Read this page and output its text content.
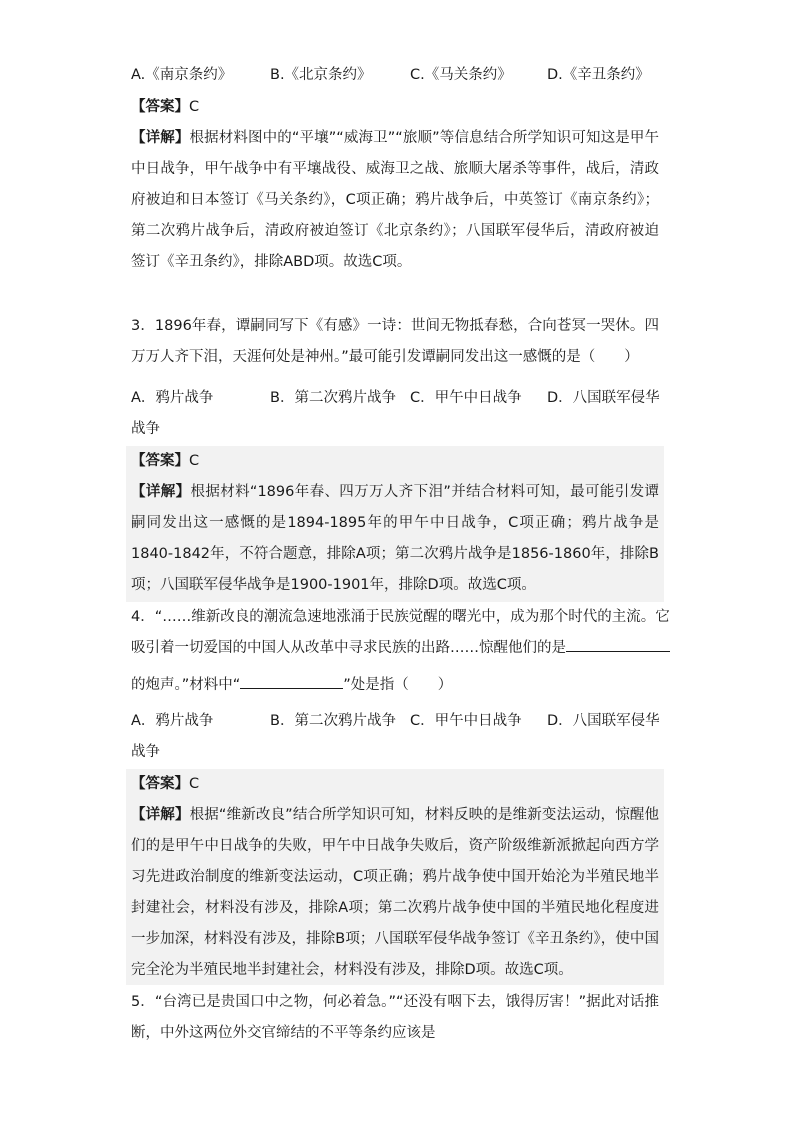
A.《南京条约》	B.《北京条约》	C.《马关条约》 D.《辛丑条约》
【答案】C

【详解】根据材料图中的“平壤”“威海卫”“旅顺”等信息结合所学知识可知这是甲午中日战争，甲午战争中有平壤战役、威海卫之战、旅顺大屠杀等事件，战后，清政府被迫和日本签订《马关条约》，C项正确；鸦片战争后，中英签订《南京条约》；第二次鸦片战争后，清政府被迫签订《北京条约》；八国联军侵华后，清政府被迫签订《辛丑条约》，排除ABD项。故选C项。

3．1896年春，谭嗣同写下《有感》一诗：世间无物抵春愁，合向苍冥一哭休。四万万人齐下泪，天涯何处是神州。”最可能引发谭嗣同发出这一感慨的是（　　）

A．鸦片战争	B．第二次鸦片战争 C．甲午中日战争 D．八国联军侵华
战争
【答案】C

【详解】根据材料“1896年春、四万万人齐下泪”并结合材料可知，最可能引发谭嗣同发出这一感慨的是1894-1895年的甲午中日战争，C项正确；鸦片战争是1840-1842年，不符合题意，排除A项；第二次鸦片战争是1856-1860年，排除B项；八国联军侵华战争是1900-1901年，排除D项。故选C项。

4．“……维新改良的潮流急速地涨涌于民族觉醒的曙光中，成为那个时代的主流。它
吸引着一切爱国的中国人从改革中寻求民族的出路……惊醒他们的是
的炮声。”材料中“	”处是指（　　）
A．鸦片战争	B．第二次鸦片战争 C．甲午中日战争 D．八国联军侵华
战争
【答案】C

【详解】根据“维新改良”结合所学知识可知，材料反映的是维新变法运动，惊醒他们的是甲午中日战争的失败，甲午中日战争失败后，资产阶级维新派掀起向西方学习先进政治制度的维新变法运动，C项正确；鸦片战争使中国开始沦为半殖民地半封建社会，材料没有涉及，排除A项；第二次鸦片战争使中国的半殖民地化程度进一步加深，材料没有涉及，排除B项；八国联军侵华战争签订《辛丑条约》，使中国完全沦为半殖民地半封建社会，材料没有涉及，排除D项。故选C项。

5．“台湾已是贵国口中之物，何必着急。”“还没有咽下去，饿得厉害！”据此对话推断，中外这两位外交官缔结的不平等条约应该是
